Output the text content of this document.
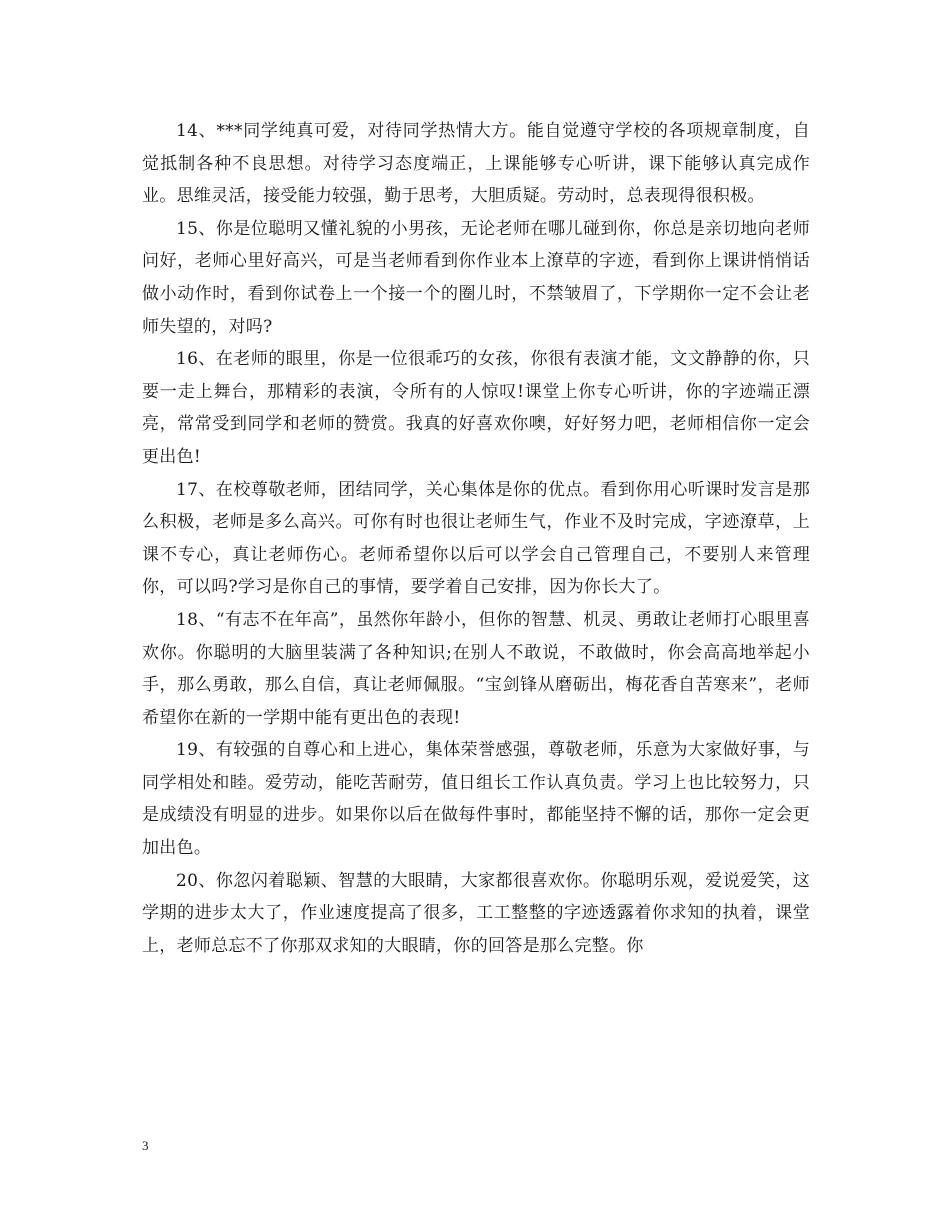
14、***同学纯真可爱，对待同学热情大方。能自觉遵守学校的各项规章制度，自觉抵制各种不良思想。对待学习态度端正，上课能够专心听讲，课下能够认真完成作业。思维灵活，接受能力较强，勤于思考，大胆质疑。劳动时，总表现得很积极。

15、你是位聪明又懂礼貌的小男孩，无论老师在哪儿碰到你，你总是亲切地向老师问好，老师心里好高兴，可是当老师看到你作业本上潦草的字迹，看到你上课讲悄悄话做小动作时，看到你试卷上一个接一个的圈儿时，不禁皱眉了，下学期你一定不会让老师失望的，对吗?

16、在老师的眼里，你是一位很乖巧的女孩，你很有表演才能，文文静静的你，只要一走上舞台，那精彩的表演，令所有的人惊叹!课堂上你专心听讲，你的字迹端正漂亮，常常受到同学和老师的赞赏。我真的好喜欢你噢，好好努力吧，老师相信你一定会更出色!

17、在校尊敬老师，团结同学，关心集体是你的优点。看到你用心听课时发言是那么积极，老师是多么高兴。可你有时也很让老师生气，作业不及时完成，字迹潦草，上课不专心，真让老师伤心。老师希望你以后可以学会自己管理自己，不要别人来管理你，可以吗?学习是你自己的事情，要学着自己安排，因为你长大了。

18、“有志不在年高”，虽然你年龄小，但你的智慧、机灵、勇敢让老师打心眼里喜欢你。你聪明的大脑里装满了各种知识;在别人不敢说，不敢做时，你会高高地举起小手，那么勇敢，那么自信，真让老师佩服。“宝剑锋从磨砺出，梅花香自苦寒来”，老师希望你在新的一学期中能有更出色的表现!

19、有较强的自尊心和上进心，集体荣誉感强，尊敬老师，乐意为大家做好事，与同学相处和睦。爱劳动，能吃苦耐劳，值日组长工作认真负责。学习上也比较努力，只是成绩没有明显的进步。如果你以后在做每件事时，都能坚持不懈的话，那你一定会更加出色。

20、你忽闪着聪颖、智慧的大眼睛，大家都很喜欢你。你聪明乐观，爱说爱笑，这学期的进步太大了，作业速度提高了很多，工工整整的字迹透露着你求知的执着，课堂上，老师总忘不了你那双求知的大眼睛，你的回答是那么完整。你

3
